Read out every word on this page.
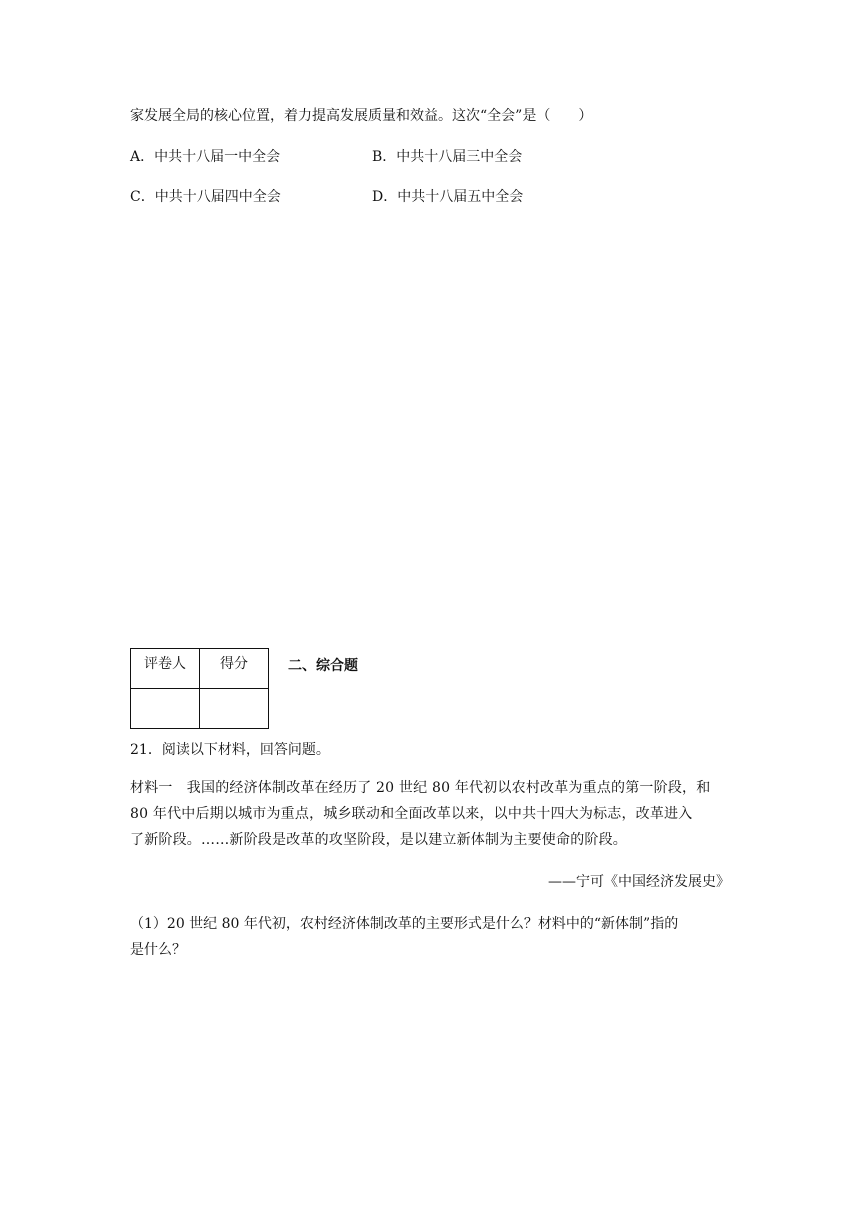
家发展全局的核心位置，着力提高发展质量和效益。这次“全会”是（　　）
A．中共十八届一中全会	B．中共十八届三中全会
C．中共十八届四中全会	D．中共十八届五中全会
评卷人	得分
		二、综合题
21．阅读以下材料，回答问题。
材料一　我国的经济体制改革在经历了 20 世纪 80 年代初以农村改革为重点的第一阶段，和
80 年代中后期以城市为重点，城乡联动和全面改革以来，以中共十四大为标志，改革进入
了新阶段。……新阶段是改革的攻坚阶段，是以建立新体制为主要使命的阶段。
——宁可《中国经济发展史》
（1）20 世纪 80 年代初，农村经济体制改革的主要形式是什么？材料中的“新体制”指的
是什么？
